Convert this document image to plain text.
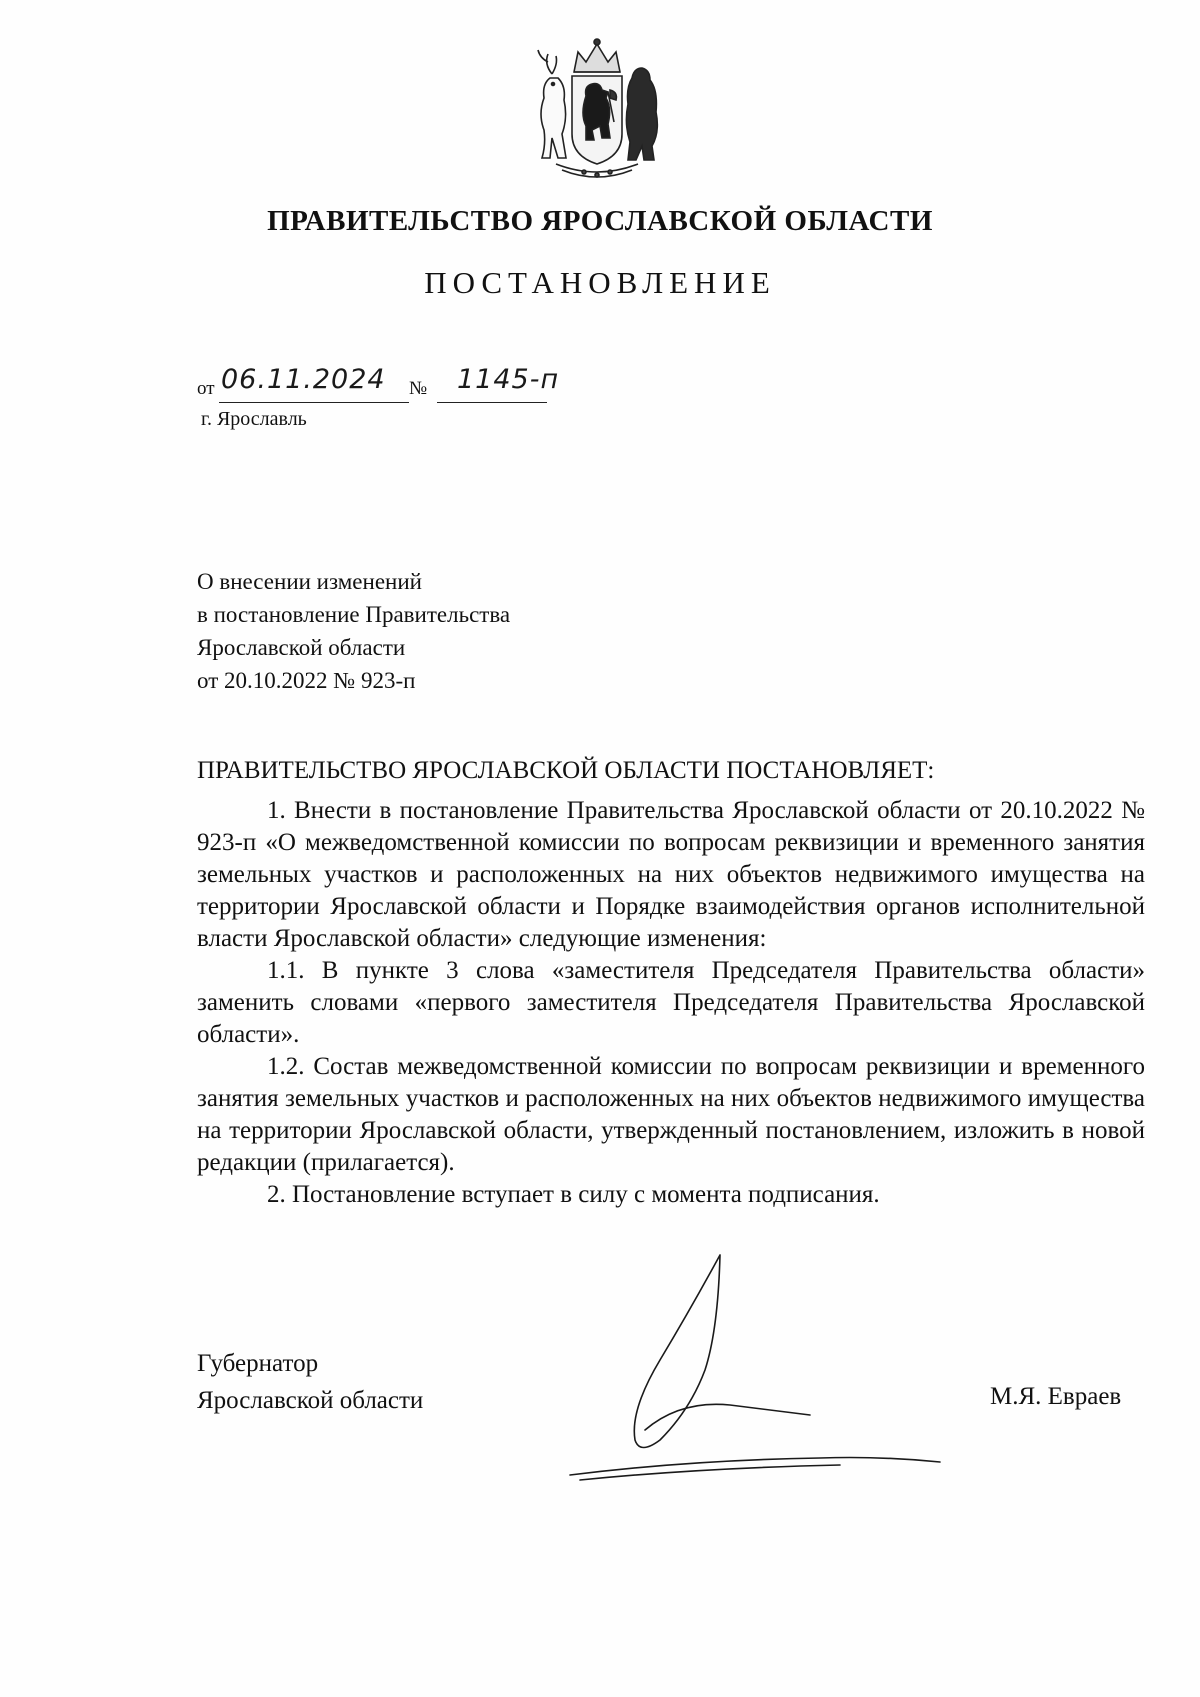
ПРАВИТЕЛЬСТВО ЯРОСЛАВСКОЙ ОБЛАСТИ
ПОСТАНОВЛЕНИЕ
от 06.11.2024 № 1145-п
г. Ярославль
О внесении изменений
в постановление Правительства
Ярославской области
от 20.10.2022 № 923-п
ПРАВИТЕЛЬСТВО ЯРОСЛАВСКОЙ ОБЛАСТИ ПОСТАНОВЛЯЕТ:

1. Внести в постановление Правительства Ярославской области от 20.10.2022 № 923-п «О межведомственной комиссии по вопросам реквизиции и временного занятия земельных участков и расположенных на них объектов недвижимого имущества на территории Ярославской области и Порядке взаимодействия органов исполнительной власти Ярославской области» следующие изменения:

1.1. В пункте 3 слова «заместителя Председателя Правительства области» заменить словами «первого заместителя Председателя Правительства Ярославской области».

1.2. Состав межведомственной комиссии по вопросам реквизиции и временного занятия земельных участков и расположенных на них объектов недвижимого имущества на территории Ярославской области, утвержденный постановлением, изложить в новой редакции (прилагается).

2. Постановление вступает в силу с момента подписания.

Губернатор
Ярославской области	М.Я. Евраев
